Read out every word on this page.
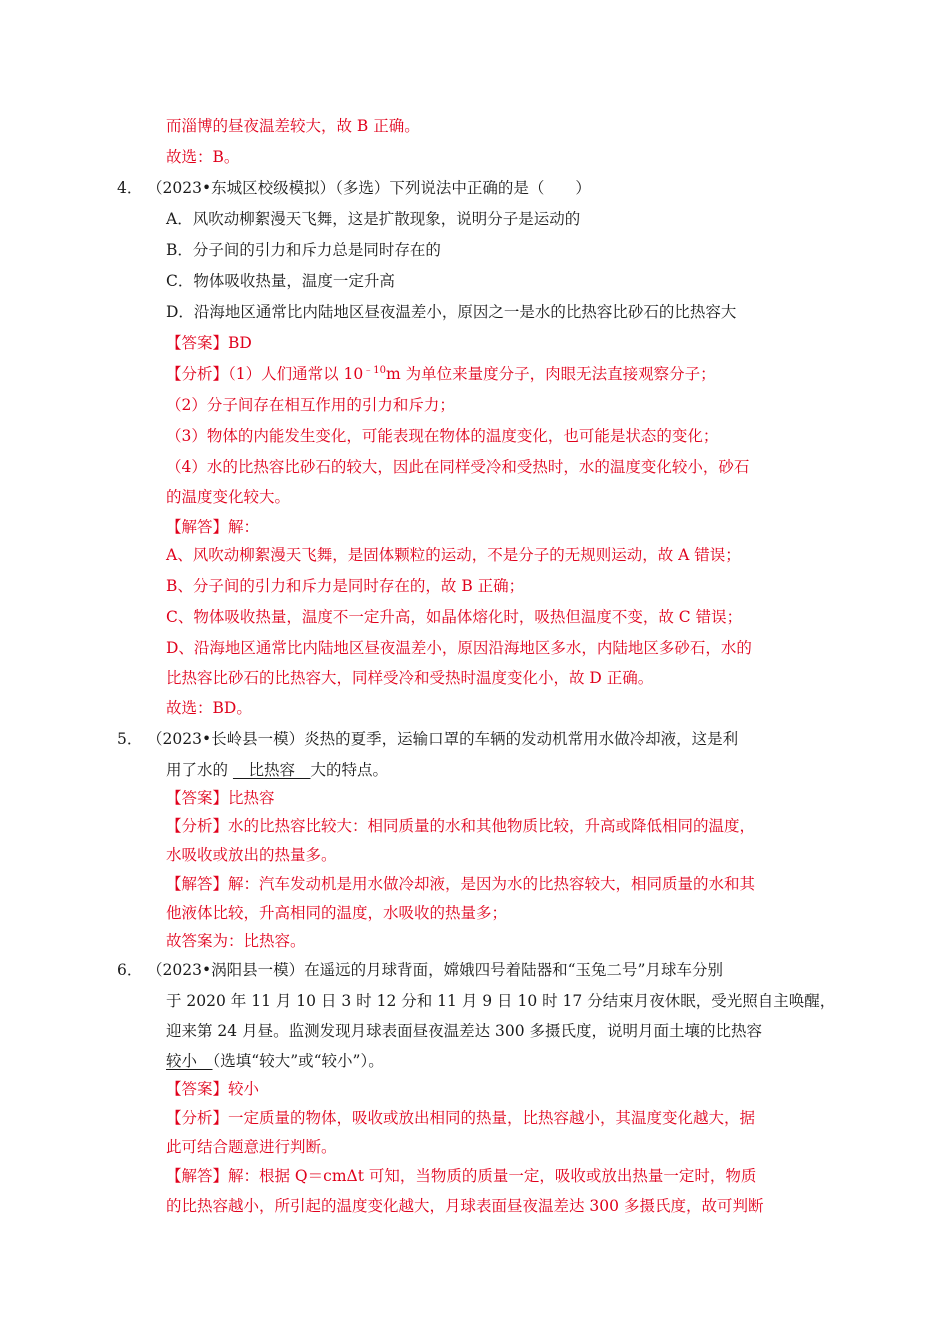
而淄博的昼夜温差较大，故 B 正确。
故选：B。
4． （2023•东城区校级模拟）（多选）下列说法中正确的是（　　）
A．风吹动柳絮漫天飞舞，这是扩散现象，说明分子是运动的
B．分子间的引力和斥力总是同时存在的
C．物体吸收热量，温度一定升高
D．沿海地区通常比内陆地区昼夜温差小，原因之一是水的比热容比砂石的比热容大
【答案】BD
【分析】（1）人们通常以 $10^{﹣10}m$ 为单位来量度分子，肉眼无法直接观察分子；
（2）分子间存在相互作用的引力和斥力；
（3）物体的内能发生变化，可能表现在物体的温度变化，也可能是状态的变化；
（4）水的比热容比砂石的较大，因此在同样受冷和受热时，水的温度变化较小，砂石
的温度变化较大。
【解答】解：
A、风吹动柳絮漫天飞舞，是固体颗粒的运动，不是分子的无规则运动，故 A 错误；
B、分子间的引力和斥力是同时存在的，故 B 正确；
C、物体吸收热量，温度不一定升高，如晶体熔化时，吸热但温度不变，故 C 错误；
D、沿海地区通常比内陆地区昼夜温差小，原因沿海地区多水，内陆地区多砂石，水的
比热容比砂石的比热容大，同样受冷和受热时温度变化小，故 D 正确。
故选：BD。
5． （2023•长岭县一模）炎热的夏季，运输口罩的车辆的发动机常用水做冷却液，这是利
用了水的 　比热容　大的特点。
【答案】比热容
【分析】水的比热容比较大：相同质量的水和其他物质比较，升高或降低相同的温度，
水吸收或放出的热量多。
【解答】解：汽车发动机是用水做冷却液，是因为水的比热容较大，相同质量的水和其
他液体比较，升高相同的温度，水吸收的热量多；
故答案为：比热容。
6． （2023•涡阳县一模）在遥远的月球背面，嫦娥四号着陆器和“玉兔二号”月球车分别
于 2020 年 11 月 10 日 3 时 12 分和 11 月 9 日 10 时 17 分结束月夜休眠，受光照自主唤醒，
迎来第 24 月昼。监测发现月球表面昼夜温差达 300 多摄氏度，说明月面土壤的比热容
较小　（选填“较大”或“较小”）。
【答案】较小
【分析】一定质量的物体，吸收或放出相同的热量，比热容越小，其温度变化越大，据
此可结合题意进行判断。
【解答】解：根据 Q＝cmΔt 可知，当物质的质量一定，吸收或放出热量一定时，物质
的比热容越小，所引起的温度变化越大，月球表面昼夜温差达 300 多摄氏度，故可判断
